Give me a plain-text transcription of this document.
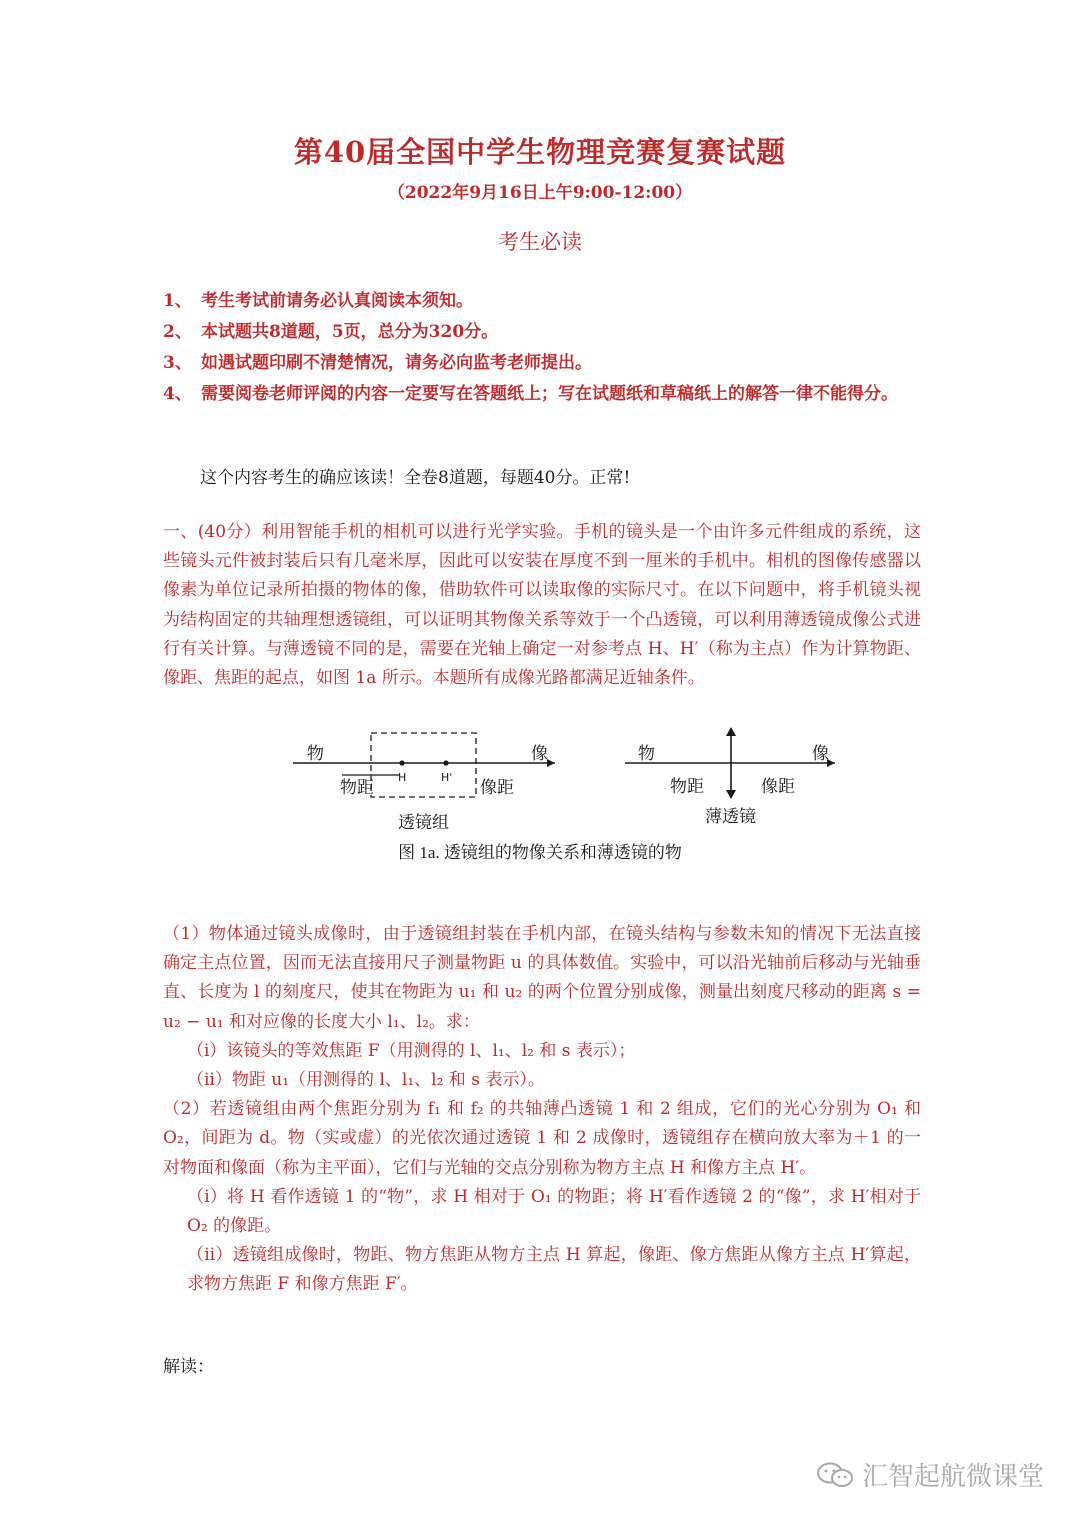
第40届全国中学生物理竞赛复赛试题
（2022年9月16日上午9:00-12:00）
考生必读
1、 考生考试前请务必认真阅读本须知。
2、 本试题共8道题，5页，总分为320分。
3、 如遇试题印刷不清楚情况，请务必向监考老师提出。
4、 需要阅卷老师评阅的内容一定要写在答题纸上；写在试题纸和草稿纸上的解答一律不能得分。
这个内容考生的确应该读！全卷8道题，每题40分。正常!
一、(40分）利用智能手机的相机可以进行光学实验。手机的镜头是一个由许多元件组成的系统，这些镜头元件被封装后只有几毫米厚，因此可以安装在厚度不到一厘米的手机中。相机的图像传感器以像素为单位记录所拍摄的物体的像，借助软件可以读取像的实际尺寸。在以下问题中，将手机镜头视为结构固定的共轴理想透镜组，可以证明其物像关系等效于一个凸透镜，可以利用薄透镜成像公式进行有关计算。与薄透镜不同的是，需要在光轴上确定一对参考点 H、H′（称为主点）作为计算物距、像距、焦距的起点，如图 1a 所示。本题所有成像光路都满足近轴条件。
物	像
H	H'
物距	像距
透镜组
物	像
物距	像距
薄透镜
图 1a. 透镜组的物像关系和薄透镜的物
（1）物体通过镜头成像时，由于透镜组封装在手机内部，在镜头结构与参数未知的情况下无法直接确定主点位置，因而无法直接用尺子测量物距 u 的具体数值。实验中，可以沿光轴前后移动与光轴垂直、长度为 l 的刻度尺，使其在物距为 u₁ 和 u₂ 的两个位置分别成像，测量出刻度尺移动的距离 s = u₂ − u₁ 和对应像的长度大小 l₁、l₂。求：
（i）该镜头的等效焦距 F（用测得的 l、l₁、l₂ 和 s 表示）；
（ii）物距 u₁（用测得的 l、l₁、l₂ 和 s 表示）。
（2）若透镜组由两个焦距分别为 f₁ 和 f₂ 的共轴薄凸透镜 1 和 2 组成，它们的光心分别为 O₁ 和 O₂，间距为 d。物（实或虚）的光依次通过透镜 1 和 2 成像时，透镜组存在横向放大率为＋1 的一对物面和像面（称为主平面），它们与光轴的交点分别称为物方主点 H 和像方主点 H′。
（i）将 H 看作透镜 1 的“物”，求 H 相对于 O₁ 的物距；将 H′看作透镜 2 的“像”，求 H′相对于 O₂ 的像距。
（ii）透镜组成像时，物距、物方焦距从物方主点 H 算起，像距、像方焦距从像方主点 H′算起，求物方焦距 F 和像方焦距 F′。
解读：
汇智起航微课堂
